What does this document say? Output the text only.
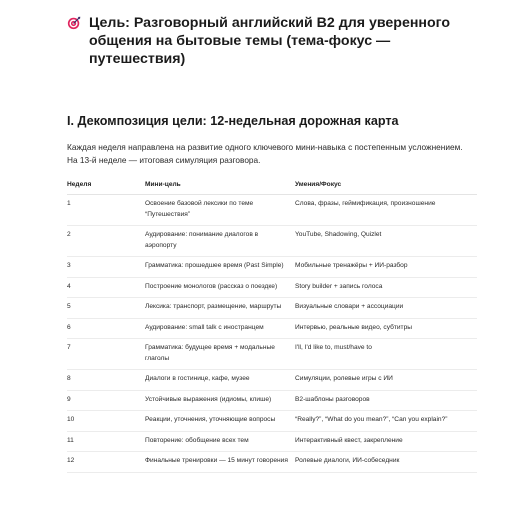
Цель: Разговорный английский B2 для уверенного общения на бытовые темы (тема-фокус — путешествия)
I. Декомпозиция цели: 12-недельная дорожная карта

Каждая неделя направлена на развитие одного ключевого мини-навыка с постепенным усложнением. На 13-й неделе — итоговая симуляция разговора.

Неделя	Мини-цель	Умения/Фокус
1	Освоение базовой лексики по теме “Путешествия”	Слова, фразы, геймификация, произношение
2	Аудирование: понимание диалогов в аэропорту	YouTube, Shadowing, Quizlet
3	Грамматика: прошедшее время (Past Simple)	Мобильные тренажёры + ИИ-разбор
4	Построение монологов (рассказ о поездке)	Story builder + запись голоса
5	Лексика: транспорт, размещение, маршруты	Визуальные словари + ассоциации
6	Аудирование: small talk с иностранцем	Интервью, реальные видео, субтитры
7	Грамматика: будущее время + модальные глаголы	I'll, I'd like to, must/have to
8	Диалоги в гостинице, кафе, музее	Симуляции, ролевые игры с ИИ
9	Устойчивые выражения (идиомы, клише)	B2-шаблоны разговоров
10	Реакции, уточнения, уточняющие вопросы	“Really?”, “What do you mean?”, “Can you explain?”
11	Повторение: обобщение всех тем	Интерактивный квест, закрепление
12	Финальные тренировки — 15 минут говорения	Ролевые диалоги, ИИ-собеседник
